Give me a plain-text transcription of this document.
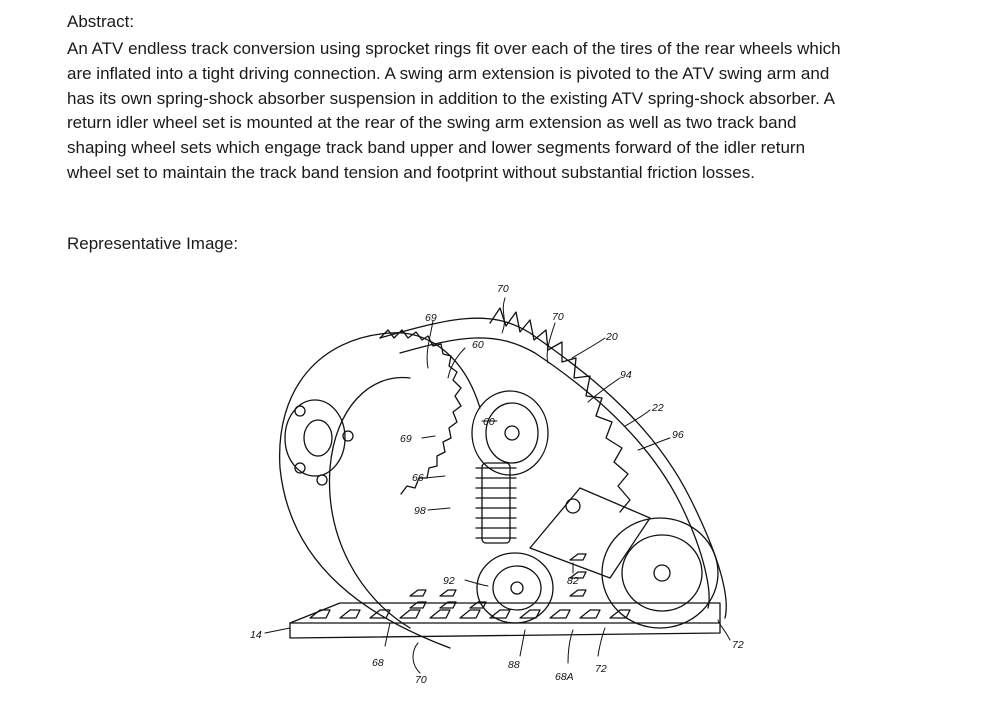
Abstract:
An ATV endless track conversion using sprocket rings fit over each of the tires of the rear wheels which
are inflated into a tight driving connection. A swing arm extension is pivoted to the ATV swing arm and
has its own spring-shock absorber suspension in addition to the existing ATV spring-shock absorber. A
return idler wheel set is mounted at the rear of the swing arm extension as well as two track band
shaping wheel sets which engage track band upper and lower segments forward of the idler return
wheel set to maintain the track band tension and footprint without substantial friction losses.
Representative Image:
70
69
60
70
20
94
22
96
60
69
66
98
92	82
14
68
70
88
68A
72
72
